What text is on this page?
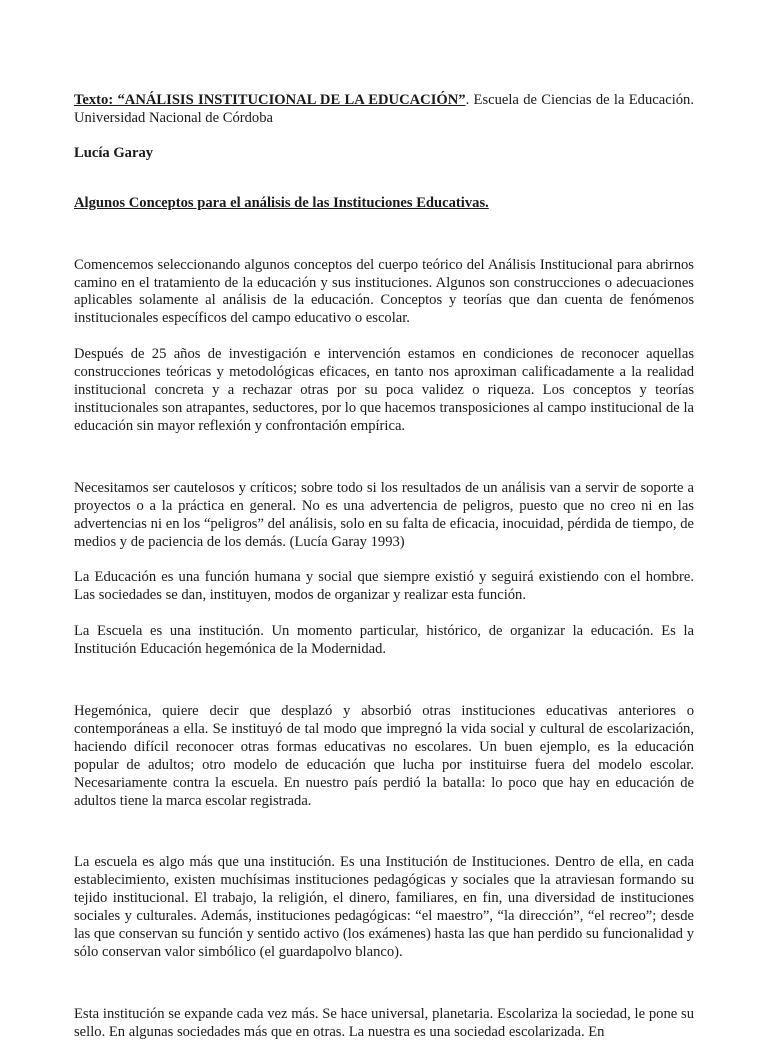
Texto: “ANÁLISIS INSTITUCIONAL DE LA EDUCACIÓN”. Escuela de Ciencias de la Educación. Universidad Nacional de Córdoba

Lucía Garay
Algunos Conceptos para el análisis de las Instituciones Educativas.

Comencemos seleccionando algunos conceptos del cuerpo teórico del Análisis Institucional para abrirnos camino en el tratamiento de la educación y sus instituciones. Algunos son construcciones o adecuaciones aplicables solamente al análisis de la educación. Conceptos y teorías que dan cuenta de fenómenos institucionales específicos del campo educativo o escolar.

Después de 25 años de investigación e intervención estamos en condiciones de reconocer aquellas construcciones teóricas y metodológicas eficaces, en tanto nos aproximan calificadamente a la realidad institucional concreta y a rechazar otras por su poca validez o riqueza. Los conceptos y teorías institucionales son atrapantes, seductores, por lo que hacemos transposiciones al campo institucional de la educación sin mayor reflexión y confrontación empírica.

Necesitamos ser cautelosos y críticos; sobre todo si los resultados de un análisis van a servir de soporte a proyectos o a la práctica en general. No es una advertencia de peligros, puesto que no creo ni en las advertencias ni en los “peligros” del análisis, solo en su falta de eficacia, inocuidad, pérdida de tiempo, de medios y de paciencia de los demás. (Lucía Garay 1993)

La Educación es una función humana y social que siempre existió y seguirá existiendo con el hombre. Las sociedades se dan, instituyen, modos de organizar y realizar esta función.

La Escuela es una institución. Un momento particular, histórico, de organizar la educación. Es la Institución Educación hegemónica de la Modernidad.

Hegemónica, quiere decir que desplazó y absorbió otras instituciones educativas anteriores o contemporáneas a ella. Se instituyó de tal modo que impregnó la vida social y cultural de escolarización, haciendo difícil reconocer otras formas educativas no escolares. Un buen ejemplo, es la educación popular de adultos; otro modelo de educación que lucha por instituirse fuera del modelo escolar. Necesariamente contra la escuela. En nuestro país perdió la batalla: lo poco que hay en educación de adultos tiene la marca escolar registrada.

La escuela es algo más que una institución. Es una Institución de Instituciones. Dentro de ella, en cada establecimiento, existen muchísimas instituciones pedagógicas y sociales que la atraviesan formando su tejido institucional. El trabajo, la religión, el dinero, familiares, en fin, una diversidad de instituciones sociales y culturales. Además, instituciones pedagógicas: “el maestro”, “la dirección”, “el recreo”; desde las que conservan su función y sentido activo (los exámenes) hasta las que han perdido su funcionalidad y sólo conservan valor simbólico (el guardapolvo blanco).

Esta institución se expande cada vez más. Se hace universal, planetaria. Escolariza la sociedad, le pone su sello. En algunas sociedades más que en otras. La nuestra es una sociedad escolarizada. En
